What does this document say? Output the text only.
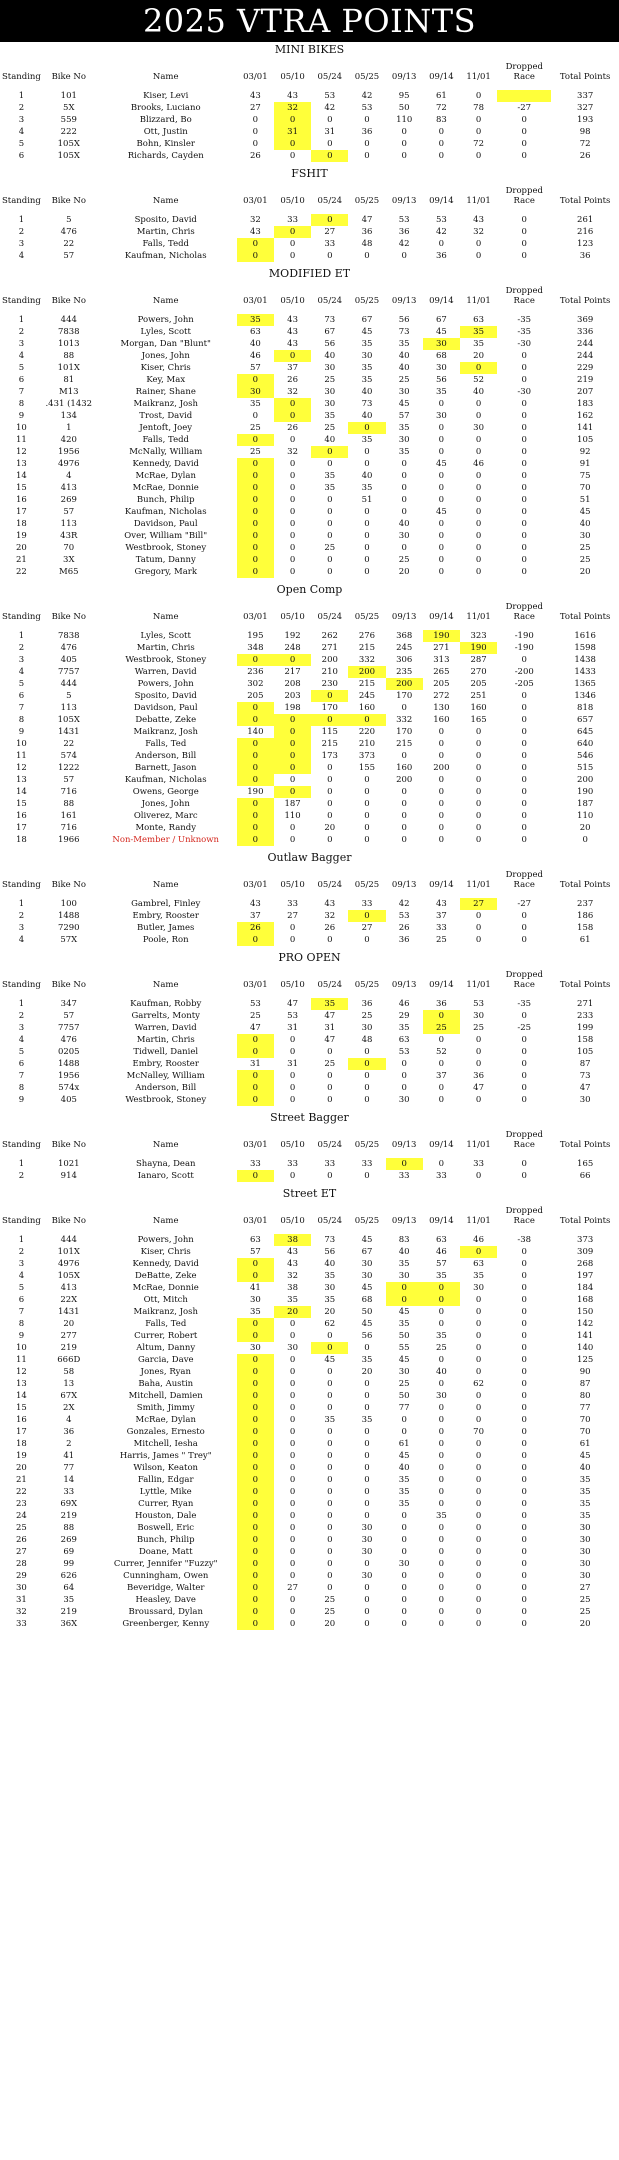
2025 VTRA POINTS
MINI BIKES
Standing	Bike No	Name	03/01	05/10	05/24	05/25	09/13	09/14	11/01	Dropped Race	Total Points

1	101	Kiser, Levi	43	43	53	42	95	61	0		337
2	5X	Brooks, Luciano	27	32	42	53	50	72	78	-27	327
3	559	Blizzard, Bo	0	0	0	0	110	83	0	0	193
4	222	Ott, Justin	0	31	31	36	0	0	0	0	98
5	105X	Bohn, Kinsler	0	0	0	0	0	0	72	0	72
6	105X	Richards, Cayden	26	0	0	0	0	0	0	0	26
FSHIT
Standing	Bike No	Name	03/01	05/10	05/24	05/25	09/13	09/14	11/01	Dropped Race	Total Points

1	5	Sposito, David	32	33	0	47	53	53	43	0	261
2	476	Martin, Chris	43	0	27	36	36	42	32	0	216
3	22	Falls, Tedd	0	0	33	48	42	0	0	0	123
4	57	Kaufman, Nicholas	0	0	0	0	0	36	0	0	36
MODIFIED ET
Standing	Bike No	Name	03/01	05/10	05/24	05/25	09/13	09/14	11/01	Dropped Race	Total Points

1	444	Powers, John	35	43	73	67	56	67	63	-35	369
2	7838	Lyles, Scott	63	43	67	45	73	45	35	-35	336
3	1013	Morgan, Dan "Blunt"	40	43	56	35	35	30	35	-30	244
4	88	Jones, John	46	0	40	30	40	68	20	0	244
5	101X	Kiser, Chris	57	37	30	35	40	30	0	0	229
6	81	Key, Max	0	26	25	35	25	56	52	0	219
7	M13	Rainer, Shane	30	32	30	40	30	35	40	-30	207
8	.431 (1432	Maikranz, Josh	35	0	30	73	45	0	0	0	183
9	134	Trost, David	0	0	35	40	57	30	0	0	162
10	1	Jentoft, Joey	25	26	25	0	35	0	30	0	141
11	420	Falls, Tedd	0	0	40	35	30	0	0	0	105
12	1956	McNally, William	25	32	0	0	35	0	0	0	92
13	4976	Kennedy, David	0	0	0	0	0	45	46	0	91
14	4	McRae, Dylan	0	0	35	40	0	0	0	0	75
15	413	McRae, Donnie	0	0	35	35	0	0	0	0	70
16	269	Bunch, Philip	0	0	0	51	0	0	0	0	51
17	57	Kaufman, Nicholas	0	0	0	0	0	45	0	0	45
18	113	Davidson, Paul	0	0	0	0	40	0	0	0	40
19	43R	Over, William "Bill"	0	0	0	0	30	0	0	0	30
20	70	Westbrook, Stoney	0	0	25	0	0	0	0	0	25
21	3X	Tatum, Danny	0	0	0	0	25	0	0	0	25
22	M65	Gregory, Mark	0	0	0	0	20	0	0	0	20
Open Comp
Standing	Bike No	Name	03/01	05/10	05/24	05/25	09/13	09/14	11/01	Dropped Race	Total Points

1	7838	Lyles, Scott	195	192	262	276	368	190	323	-190	1616
2	476	Martin, Chris	348	248	271	215	245	271	190	-190	1598
3	405	Westbrook, Stoney	0	0	200	332	306	313	287	0	1438
4	7757	Warren, David	236	217	210	200	235	265	270	-200	1433
5	444	Powers, John	302	208	230	215	200	205	205	-205	1365
6	5	Sposito, David	205	203	0	245	170	272	251	0	1346
7	113	Davidson, Paul	0	198	170	160	0	130	160	0	818
8	105X	Debatte, Zeke	0	0	0	0	332	160	165	0	657
9	1431	Maikranz, Josh	140	0	115	220	170	0	0	0	645
10	22	Falls, Ted	0	0	215	210	215	0	0	0	640
11	574	Anderson, Bill	0	0	173	373	0	0	0	0	546
12	1222	Barnett, Jason	0	0	0	155	160	200	0	0	515
13	57	Kaufman, Nicholas	0	0	0	0	200	0	0	0	200
14	716	Owens, George	190	0	0	0	0	0	0	0	190
15	88	Jones, John	0	187	0	0	0	0	0	0	187
16	161	Oliverez, Marc	0	110	0	0	0	0	0	0	110
17	716	Monte, Randy	0	0	20	0	0	0	0	0	20
18	1966	Non-Member / Unknown	0	0	0	0	0	0	0	0	0
Outlaw Bagger
Standing	Bike No	Name	03/01	05/10	05/24	05/25	09/13	09/14	11/01	Dropped Race	Total Points

1	100	Gambrel, Finley	43	33	43	33	42	43	27	-27	237
2	1488	Embry, Rooster	37	27	32	0	53	37	0	0	186
3	7290	Butler, James	26	0	26	27	26	33	0	0	158
4	57X	Poole, Ron	0	0	0	0	36	25	0	0	61
PRO OPEN
Standing	Bike No	Name	03/01	05/10	05/24	05/25	09/13	09/14	11/01	Dropped Race	Total Points

1	347	Kaufman, Robby	53	47	35	36	46	36	53	-35	271
2	57	Garrelts, Monty	25	53	47	25	29	0	30	0	233
3	7757	Warren, David	47	31	31	30	35	25	25	-25	199
4	476	Martin, Chris	0	0	47	48	63	0	0	0	158
5	0205	Tidwell, Daniel	0	0	0	0	53	52	0	0	105
6	1488	Embry, Rooster	31	31	25	0	0	0	0	0	87
7	1956	McNalley, William	0	0	0	0	0	37	36	0	73
8	574x	Anderson, Bill	0	0	0	0	0	0	47	0	47
9	405	Westbrook, Stoney	0	0	0	0	30	0	0	0	30
Street Bagger
Standing	Bike No	Name	03/01	05/10	05/24	05/25	09/13	09/14	11/01	Dropped Race	Total Points

1	1021	Shayna, Dean	33	33	33	33	0	0	33	0	165
2	914	Ianaro, Scott	0	0	0	0	33	33	0	0	66
Street ET
Standing	Bike No	Name	03/01	05/10	05/24	05/25	09/13	09/14	11/01	Dropped Race	Total Points

1	444	Powers, John	63	38	73	45	83	63	46	-38	373
2	101X	Kiser, Chris	57	43	56	67	40	46	0	0	309
3	4976	Kennedy, David	0	43	40	30	35	57	63	0	268
4	105X	DeBatte, Zeke	0	32	35	30	30	35	35	0	197
5	413	McRae, Donnie	41	38	30	45	0	0	30	0	184
6	22X	Ott, Mitch	30	35	35	68	0	0	0	0	168
7	1431	Maikranz, Josh	35	20	20	50	45	0	0	0	150
8	20	Falls, Ted	0	0	62	45	35	0	0	0	142
9	277	Currer, Robert	0	0	0	56	50	35	0	0	141
10	219	Altum, Danny	30	30	0	0	55	25	0	0	140
11	666D	Garcia, Dave	0	0	45	35	45	0	0	0	125
12	58	Jones, Ryan	0	0	0	20	30	40	0	0	90
13	13	Baha, Austin	0	0	0	0	25	0	62	0	87
14	67X	Mitchell, Damien	0	0	0	0	50	30	0	0	80
15	2X	Smith, Jimmy	0	0	0	0	77	0	0	0	77
16	4	McRae, Dylan	0	0	35	35	0	0	0	0	70
17	36	Gonzales, Ernesto	0	0	0	0	0	0	70	0	70
18	2	Mitchell, Iesha	0	0	0	0	61	0	0	0	61
19	41	Harris, James " Trey"	0	0	0	0	45	0	0	0	45
20	77	Wilson, Keaton	0	0	0	0	40	0	0	0	40
21	14	Fallin, Edgar	0	0	0	0	35	0	0	0	35
22	33	Lyttle, Mike	0	0	0	0	35	0	0	0	35
23	69X	Currer, Ryan	0	0	0	0	35	0	0	0	35
24	219	Houston, Dale	0	0	0	0	0	35	0	0	35
25	88	Boswell, Eric	0	0	0	30	0	0	0	0	30
26	269	Bunch, Philip	0	0	0	30	0	0	0	0	30
27	69	Doane, Matt	0	0	0	30	0	0	0	0	30
28	99	Currer, Jennifer "Fuzzy"	0	0	0	0	30	0	0	0	30
29	626	Cunningham, Owen	0	0	0	30	0	0	0	0	30
30	64	Beveridge, Walter	0	27	0	0	0	0	0	0	27
31	35	Heasley, Dave	0	0	25	0	0	0	0	0	25
32	219	Broussard, Dylan	0	0	25	0	0	0	0	0	25
33	36X	Greenberger, Kenny	0	0	20	0	0	0	0	0	20
